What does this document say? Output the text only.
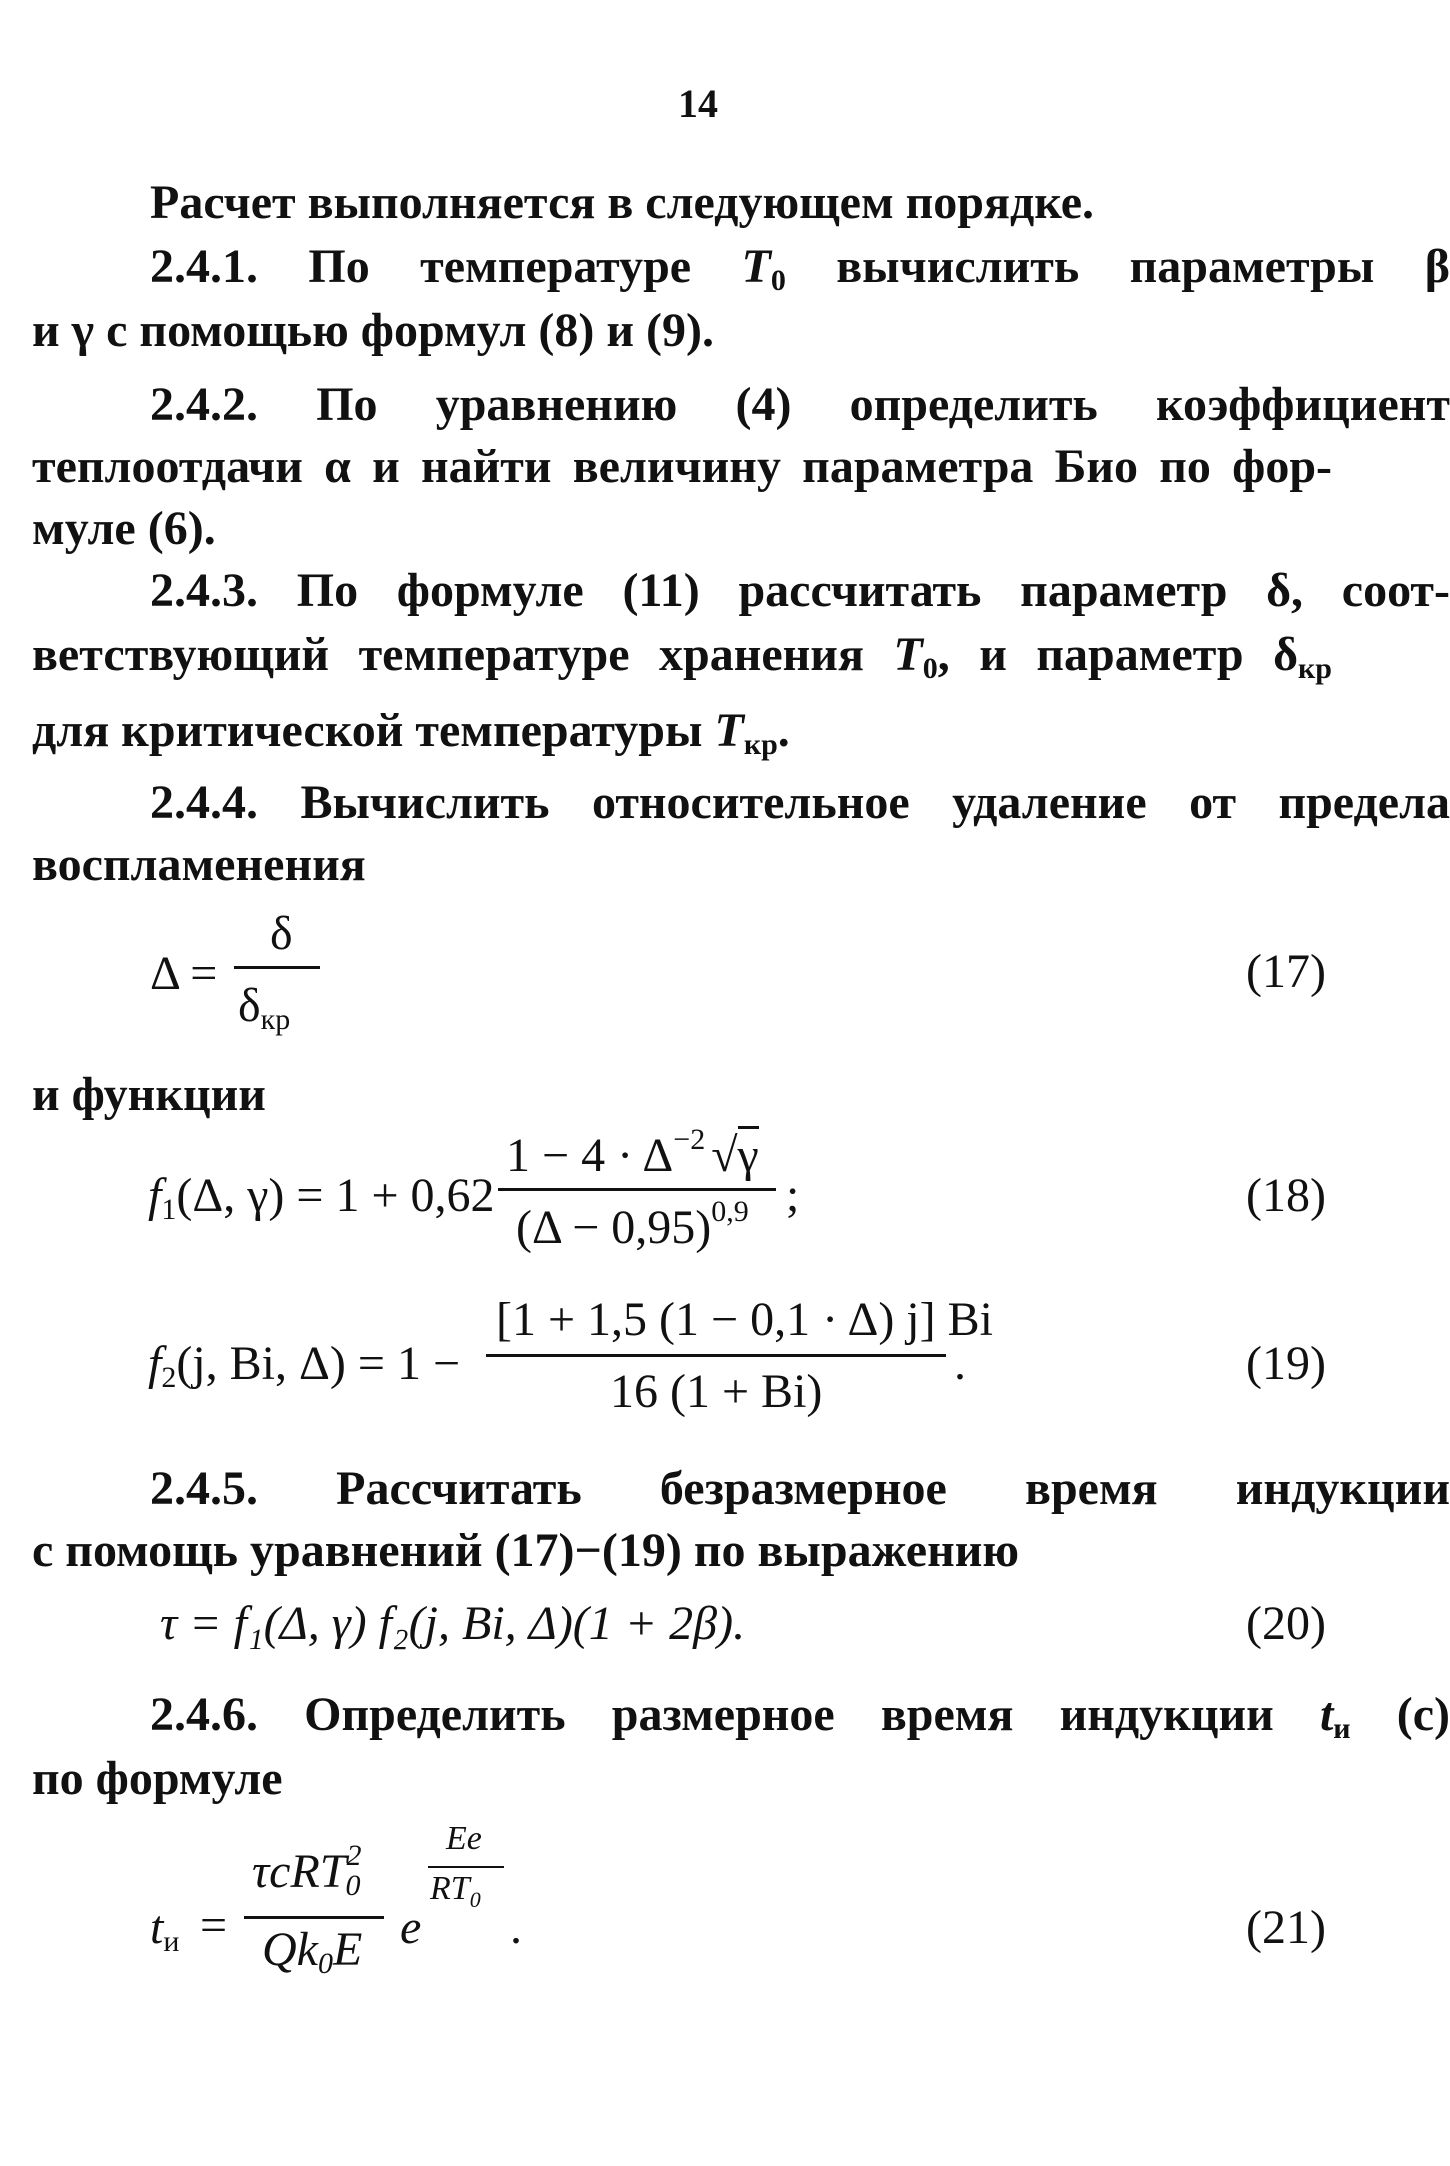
14
Расчет выполняется в следующем порядке.
2.4.1. По температуре $T_0$ вычислить параметры β
и γ с помощью формул (8) и (9).
2.4.2. По уравнению (4) определить коэффициент
теплоотдачи α и найти величину параметра Био по фор-
муле (6).
2.4.3. По формуле (11) рассчитать параметр δ, соот-
ветствующий температуре хранения $T_0$, и параметр $\delta_{кр}$
для критической температуры $T_{кр}$.
2.4.4. Вычислить относительное удаление от предела
воспламенения
Δ =
δ
$\delta_{кр}$
(17)
и функции
$f_1(\Delta$, γ) = 1 + 0,62
$1 - 4 \cdot \Delta^{-2}$ √γ
$(\Delta - 0,95)^{0,9}$ ;	(18)
$f_2(j$, Bi, Δ) = 1 −
[1 + 1,5 (1 − 0,1 · Δ) j] Bi
16 (1 + Bi)
.	(19)
2.4.5. Рассчитать безразмерное время индукции
с помощь уравнений (17)−(19) по выражению
τ = f₁(Δ, γ) f₂(j, Bi, Δ)(1 + 2β).	(20)
2.4.6. Определить размерное время индукции $t_и$ (с)
по формуле
$t_и$ =
τcRT$^2_0$
$Qk_0E$ e
Ee
$RT_0$
.	(21)
